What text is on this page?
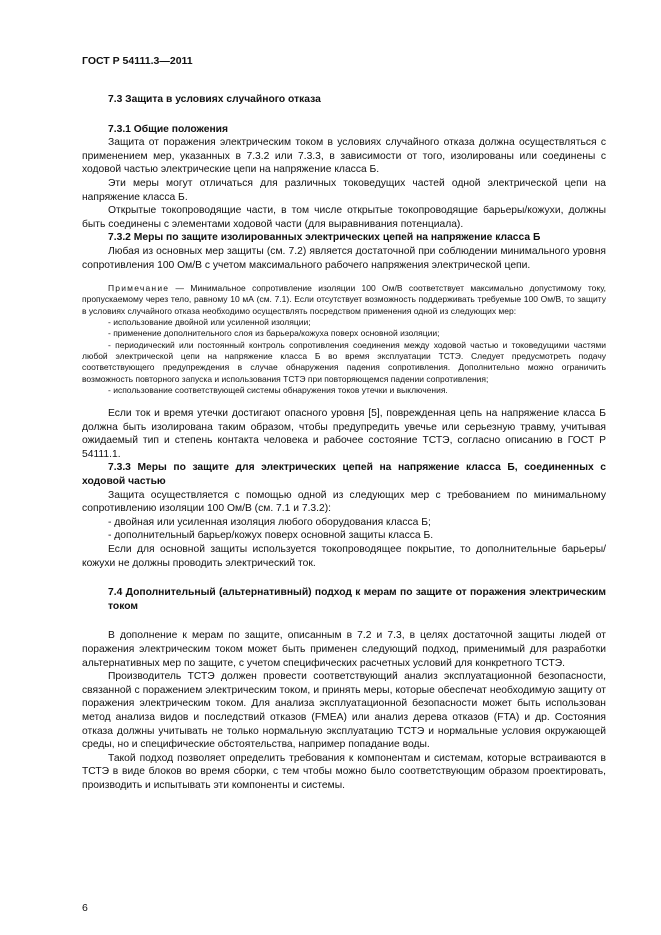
ГОСТ Р 54111.3—2011

7.3 Защита в условиях случайного отказа

7.3.1 Общие положения

Защита от поражения электрическим током в условиях случайного отказа должна осуществляться с применением мер, указанных в 7.3.2 или 7.3.3, в зависимости от того, изолированы или соединены с ходовой частью электрические цепи на напряжение класса Б.

Эти меры могут отличаться для различных токоведущих частей одной электрической цепи на напряжение класса Б.

Открытые токопроводящие части, в том числе открытые токопроводящие барьеры/кожухи, должны быть соединены с элементами ходовой части (для выравнивания потенциала).

7.3.2 Меры по защите изолированных электрических цепей на напряжение класса Б

Любая из основных мер защиты (см. 7.2) является достаточной при соблюдении минимального уровня сопротивления 100 Ом/В с учетом максимального рабочего напряжения электрической цепи.

Примечание — Минимальное сопротивление изоляции 100 Ом/В соответствует максимально допустимому току, пропускаемому через тело, равному 10 мА (см. 7.1). Если отсутствует возможность поддерживать требуемые 100 Ом/В, то защиту в условиях случайного отказа необходимо осуществлять посредством применения одной из следующих мер:

- использование двойной или усиленной изоляции;

- применение дополнительного слоя из барьера/кожуха поверх основной изоляции;

- периодический или постоянный контроль сопротивления соединения между ходовой частью и токоведущими частями любой электрической цепи на напряжение класса Б во время эксплуатации ТСТЭ. Следует предусмотреть подачу соответствующего предупреждения в случае обнаружения падения сопротивления. Дополнительно можно ограничить возможность повторного запуска и использования ТСТЭ при повторяющемся падении сопротивления;

- использование соответствующей системы обнаружения токов утечки и выключения.

Если ток и время утечки достигают опасного уровня [5], поврежденная цепь на напряжение класса Б должна быть изолирована таким образом, чтобы предупредить увечье или серьезную травму, учитывая ожидаемый тип и степень контакта человека и рабочее состояние ТСТЭ, согласно описанию в ГОСТ Р 54111.1.

7.3.3 Меры по защите для электрических цепей на напряжение класса Б, соединенных с ходовой частью

Защита осуществляется с помощью одной из следующих мер с требованием по минимальному сопротивлению изоляции 100 Ом/В (см. 7.1 и 7.3.2):

- двойная или усиленная изоляция любого оборудования класса Б;

- дополнительный барьер/кожух поверх основной защиты класса Б.

Если для основной защиты используется токопроводящее покрытие, то дополнительные барьеры/кожухи не должны проводить электрический ток.

7.4 Дополнительный (альтернативный) подход к мерам по защите от поражения электрическим током

В дополнение к мерам по защите, описанным в 7.2 и 7.3, в целях достаточной защиты людей от поражения электрическим током может быть применен следующий подход, применимый для разработки альтернативных мер по защите, с учетом специфических расчетных условий для конкретного ТСТЭ.

Производитель ТСТЭ должен провести соответствующий анализ эксплуатационной безопасности, связанной с поражением электрическим током, и принять меры, которые обеспечат необходимую защиту от поражения электрическим током. Для анализа эксплуатационной безопасности может быть использован метод анализа видов и последствий отказов (FMEA) или анализ дерева отказов (FTA) и др. Состояния отказа должны учитывать не только нормальную эксплуатацию ТСТЭ и нормальные условия окружающей среды, но и специфические обстоятельства, например попадание воды.

Такой подход позволяет определить требования к компонентам и системам, которые встраиваются в ТСТЭ в виде блоков во время сборки, с тем чтобы можно было соответствующим образом проектировать, производить и испытывать эти компоненты и системы.

6
